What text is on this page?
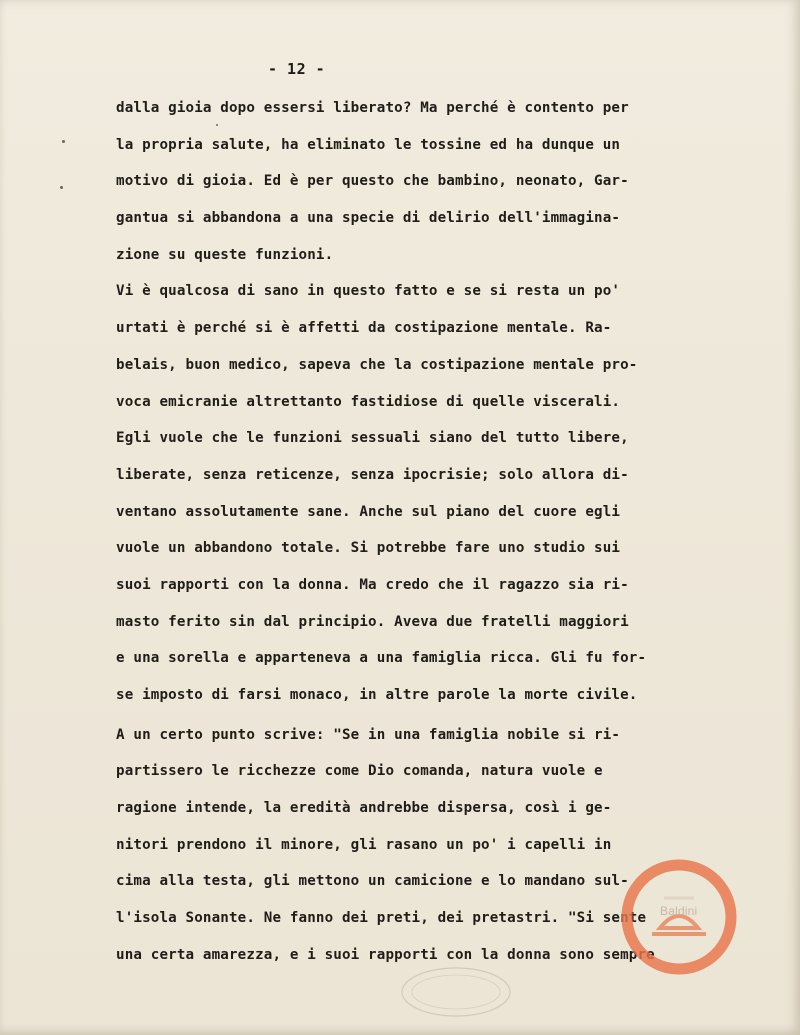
- 12 -
dalla gioia dopo essersi liberato? Ma perché è contento per
la propria salute, ha eliminato le tossine ed ha dunque un
motivo di gioia. Ed è per questo che bambino, neonato, Gar-
gantua si abbandona a una specie di delirio dell'immagina-
zione su queste funzioni.
Vi è qualcosa di sano in questo fatto e se si resta un po'
urtati è perché si è affetti da costipazione mentale. Ra-
belais, buon medico, sapeva che la costipazione mentale pro-
voca emicranie altrettanto fastidiose di quelle viscerali.
Egli vuole che le funzioni sessuali siano del tutto libere,
liberate, senza reticenze, senza ipocrisie; solo allora di-
ventano assolutamente sane. Anche sul piano del cuore egli
vuole un abbandono totale. Si potrebbe fare uno studio sui
suoi rapporti con la donna. Ma credo che il ragazzo sia ri-
masto ferito sin dal principio. Aveva due fratelli maggiori
e una sorella e apparteneva a una famiglia ricca. Gli fu for-
se imposto di farsi monaco, in altre parole la morte civile.
A un certo punto scrive: "Se in una famiglia nobile si ri-
partissero le ricchezze come Dio comanda, natura vuole e
ragione intende, la eredità andrebbe dispersa, così i ge-
nitori prendono il minore, gli rasano un po' i capelli in
cima alla testa, gli mettono un camicione e lo mandano sul-
l'isola Sonante. Ne fanno dei preti, dei pretastri. "Si sente
una certa amarezza, e i suoi rapporti con la donna sono sempre
Baldini
